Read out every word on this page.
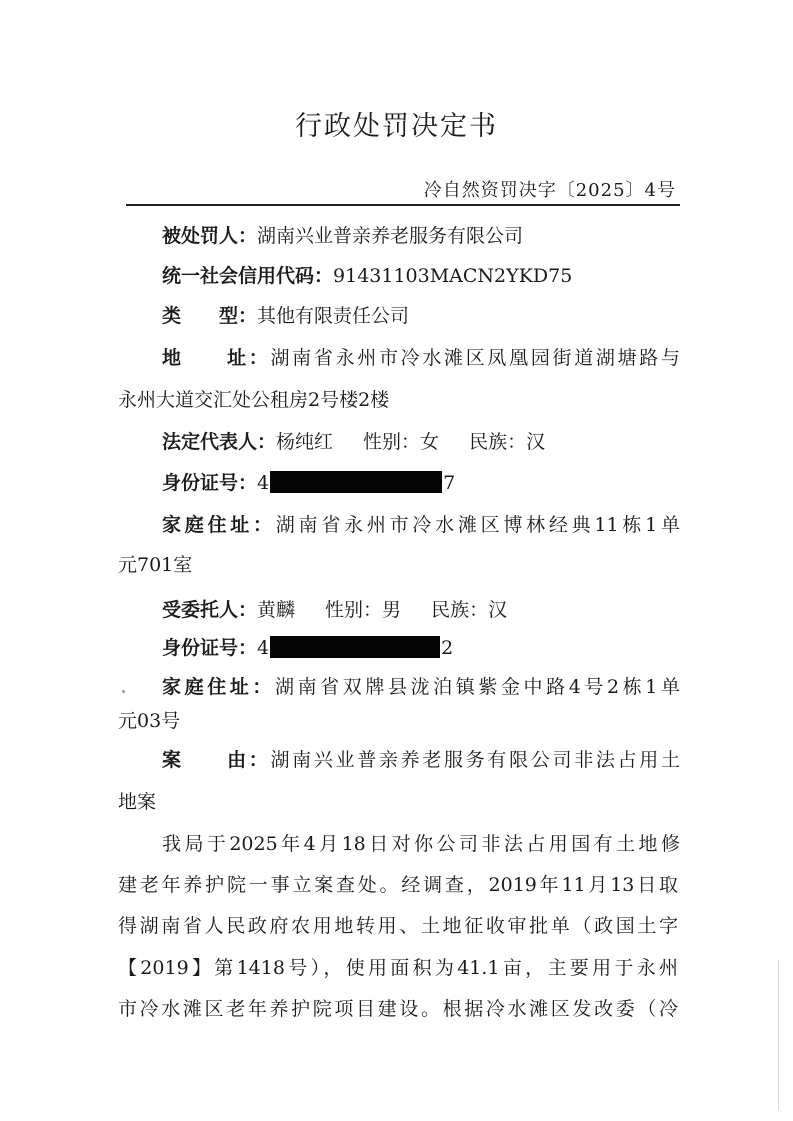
行政处罚决定书
冷自然资罚决字〔2025〕4号
被处罚人：湖南兴业普亲养老服务有限公司
统一社会信用代码：91431103MACN2YKD75
类　　型：其他有限责任公司
地　　址：湖南省永州市冷水滩区凤凰园街道湖塘路与
永州大道交汇处公租房2号楼2楼
法定代表人：杨纯红 性别：女 民族：汉
身份证号：4	7
家庭住址：湖南省永州市冷水滩区博林经典11栋1单
元701室
受委托人：黄麟 性别：男 民族：汉
身份证号：4	2
家庭住址：湖南省双牌县泷泊镇紫金中路4号2栋1单
元03号
案　　由：湖南兴业普亲养老服务有限公司非法占用土
地案
我局于2025年4月18日对你公司非法占用国有土地修
建老年养护院一事立案查处。经调查，2019年11月13日取
得湖南省人民政府农用地转用、土地征收审批单（政国土字
【2019】第1418号），使用面积为41.1亩，主要用于永州
市冷水滩区老年养护院项目建设。根据冷水滩区发改委（冷
